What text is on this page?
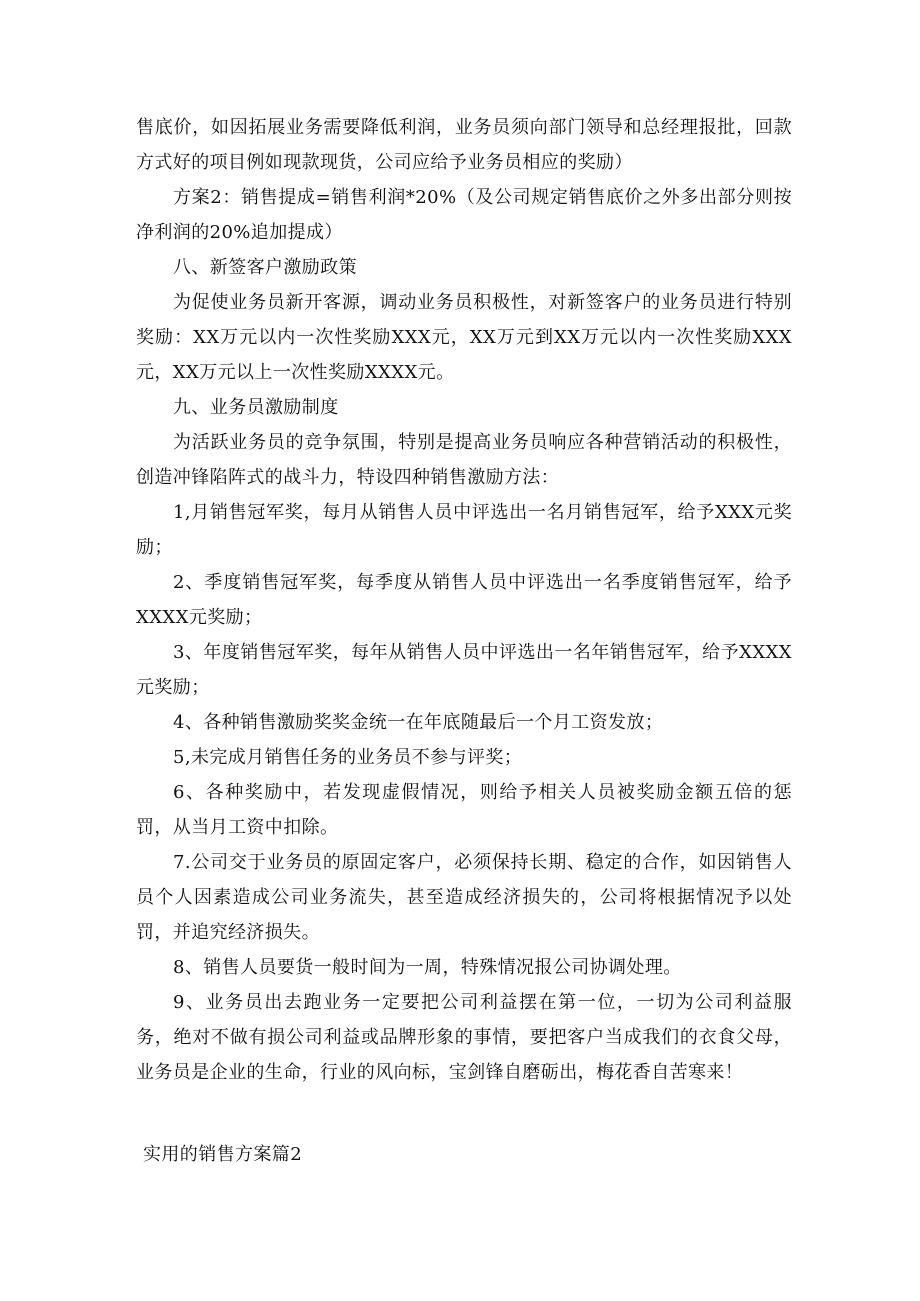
售底价，如因拓展业务需要降低利润，业务员须向部门领导和总经理报批，回款方式好的项目例如现款现货，公司应给予业务员相应的奖励）

方案2：销售提成=销售利润*20%（及公司规定销售底价之外多出部分则按净利润的20%追加提成）

八、新签客户激励政策

为促使业务员新开客源，调动业务员积极性，对新签客户的业务员进行特别奖励：XX万元以内一次性奖励XXX元，XX万元到XX万元以内一次性奖励XXX元，XX万元以上一次性奖励XXXX元。

九、业务员激励制度

为活跃业务员的竞争氛围，特别是提高业务员响应各种营销活动的积极性，创造冲锋陷阵式的战斗力，特设四种销售激励方法：

1,月销售冠军奖，每月从销售人员中评选出一名月销售冠军，给予XXX元奖励；

2、季度销售冠军奖，每季度从销售人员中评选出一名季度销售冠军，给予XXXX元奖励；

3、年度销售冠军奖，每年从销售人员中评选出一名年销售冠军，给予XXXX元奖励；

4、各种销售激励奖奖金统一在年底随最后一个月工资发放；

5,未完成月销售任务的业务员不参与评奖；

6、各种奖励中，若发现虚假情况，则给予相关人员被奖励金额五倍的惩罚，从当月工资中扣除。

7.公司交于业务员的原固定客户，必须保持长期、稳定的合作，如因销售人员个人因素造成公司业务流失，甚至造成经济损失的，公司将根据情况予以处罚，并追究经济损失。

8、销售人员要货一般时间为一周，特殊情况报公司协调处理。

9、业务员出去跑业务一定要把公司利益摆在第一位，一切为公司利益服务，绝对不做有损公司利益或品牌形象的事情，要把客户当成我们的衣食父母，业务员是企业的生命，行业的风向标，宝剑锋自磨砺出，梅花香自苦寒来！

实用的销售方案篇2
